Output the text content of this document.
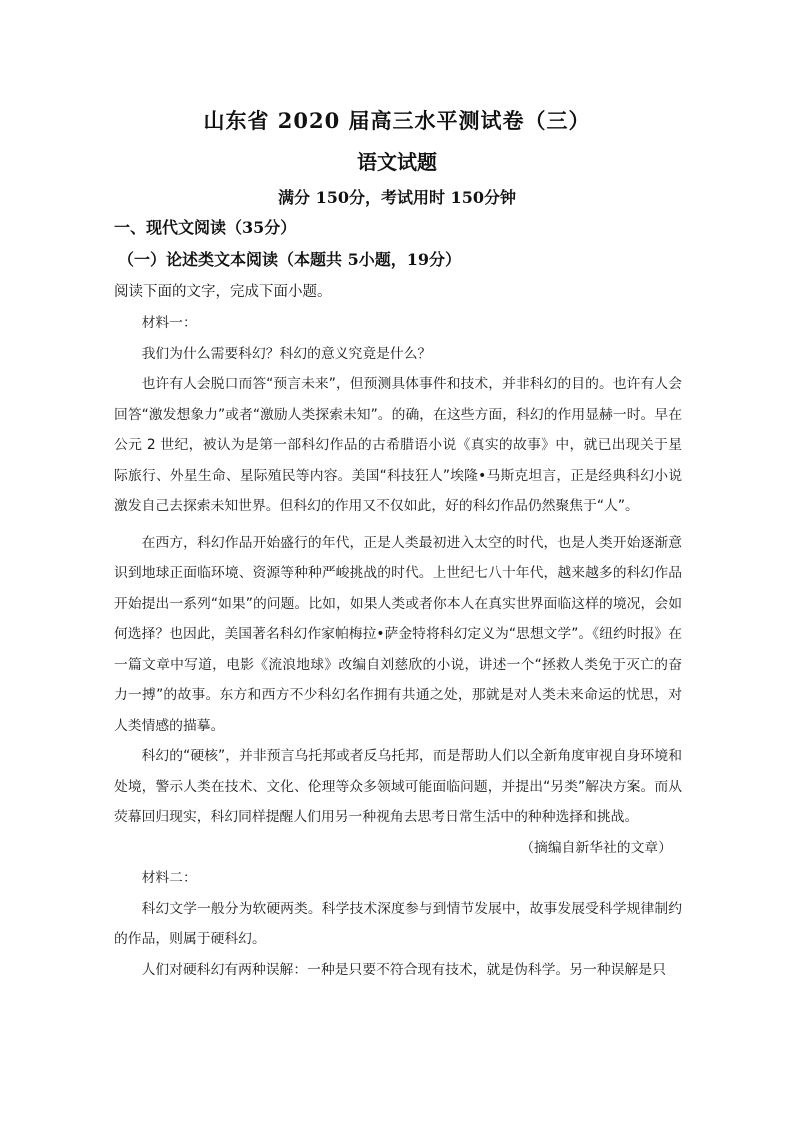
山东省 2020 届高三水平测试卷（三）
语文试题
满分 150分，考试用时 150分钟
一、现代文阅读（35分）
（一）论述类文本阅读（本题共 5小题，19分）
阅读下面的文字，完成下面小题。

材料一：

我们为什么需要科幻？科幻的意义究竟是什么？

也许有人会脱口而答“预言未来”，但预测具体事件和技术，并非科幻的目的。也许有人会回答“激发想象力”或者“激励人类探索未知”。的确，在这些方面，科幻的作用显赫一时。早在公元 2 世纪，被认为是第一部科幻作品的古希腊语小说《真实的故事》中，就已出现关于星际旅行、外星生命、星际殖民等内容。美国“科技狂人”埃隆•马斯克坦言，正是经典科幻小说激发自己去探索未知世界。但科幻的作用又不仅如此，好的科幻作品仍然聚焦于“人”。

在西方，科幻作品开始盛行的年代，正是人类最初进入太空的时代，也是人类开始逐渐意识到地球正面临环境、资源等种种严峻挑战的时代。上世纪七八十年代，越来越多的科幻作品开始提出一系列“如果”的问题。比如，如果人类或者你本人在真实世界面临这样的境况，会如何选择？也因此，美国著名科幻作家帕梅拉•萨金特将科幻定义为“思想文学”。《纽约时报》在一篇文章中写道，电影《流浪地球》改编自刘慈欣的小说，讲述一个“拯救人类免于灭亡的奋力一搏”的故事。东方和西方不少科幻名作拥有共通之处，那就是对人类未来命运的忧思，对人类情感的描摹。

科幻的“硬核”，并非预言乌托邦或者反乌托邦，而是帮助人们以全新角度审视自身环境和处境，警示人类在技术、文化、伦理等众多领域可能面临问题，并提出“另类”解决方案。而从荧幕回归现实，科幻同样提醒人们用另一种视角去思考日常生活中的种种选择和挑战。

（摘编自新华社的文章）

材料二：

科幻文学一般分为软硬两类。科学技术深度参与到情节发展中，故事发展受科学规律制约的作品，则属于硬科幻。

人们对硬科幻有两种误解：一种是只要不符合现有技术，就是伪科学。另一种误解是只
